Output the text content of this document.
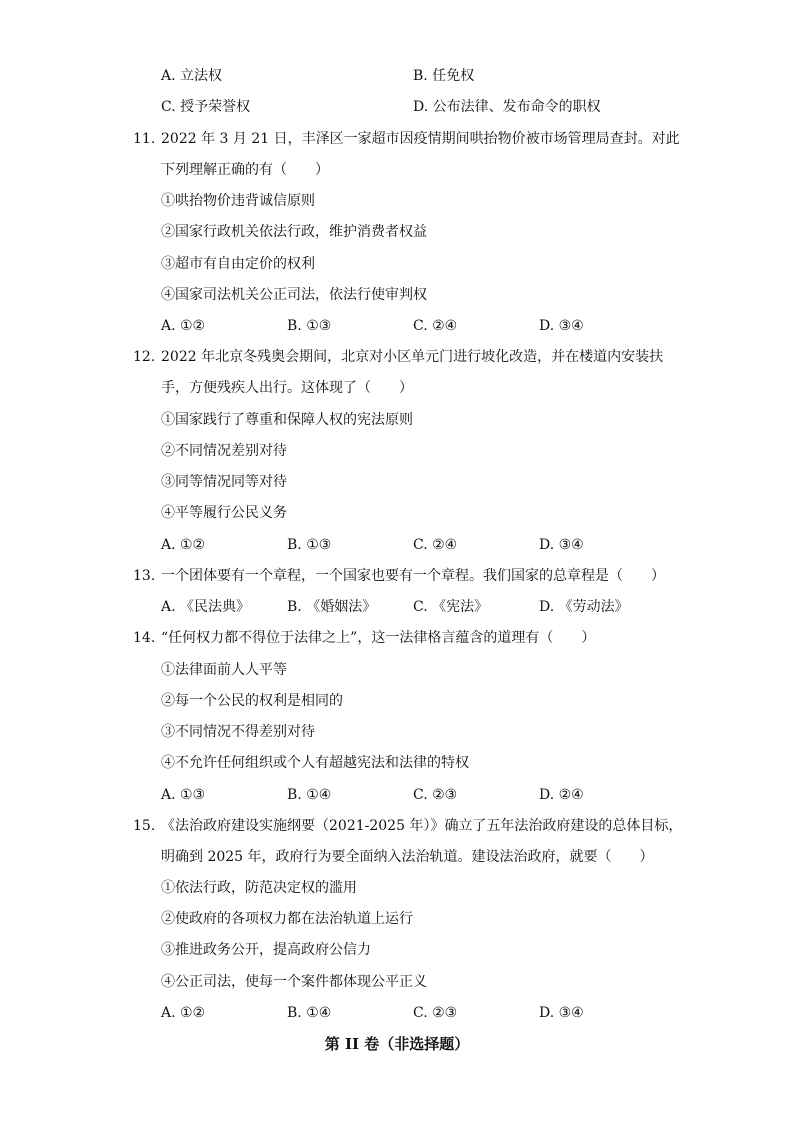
A. 立法权	B. 任免权
C. 授予荣誉权	D. 公布法律、发布命令的职权
11. 2022 年 3 月 21 日，丰泽区一家超市因疫情期间哄抬物价被市场管理局查封。对此
下列理解正确的有（　　）
①哄抬物价违背诚信原则
②国家行政机关依法行政，维护消费者权益
③超市有自由定价的权利
④国家司法机关公正司法，依法行使审判权
A. ①②	B. ①③	C. ②④	D. ③④
12. 2022 年北京冬残奥会期间，北京对小区单元门进行坡化改造，并在楼道内安装扶
手，方便残疾人出行。这体现了（　　）
①国家践行了尊重和保障人权的宪法原则
②不同情况差别对待
③同等情况同等对待
④平等履行公民义务
A. ①②	B. ①③	C. ②④	D. ③④
13. 一个团体要有一个章程，一个国家也要有一个章程。我们国家的总章程是（　　）
A. 《民法典》	B. 《婚姻法》	C. 《宪法》	D. 《劳动法》
14. “任何权力都不得位于法律之上”，这一法律格言蕴含的道理有（　　）
①法律面前人人平等
②每一个公民的权利是相同的
③不同情况不得差别对待
④不允许任何组织或个人有超越宪法和法律的特权
A. ①③	B. ①④	C. ②③	D. ②④
15. 《法治政府建设实施纲要（2021-2025 年）》确立了五年法治政府建设的总体目标，
明确到 2025 年，政府行为要全面纳入法治轨道。建设法治政府，就要（　　）
①依法行政，防范决定权的滥用
②使政府的各项权力都在法治轨道上运行
③推进政务公开，提高政府公信力
④公正司法，使每一个案件都体现公平正义
A. ①②	B. ①④	C. ②③	D. ③④
第 II 卷（非选择题）
